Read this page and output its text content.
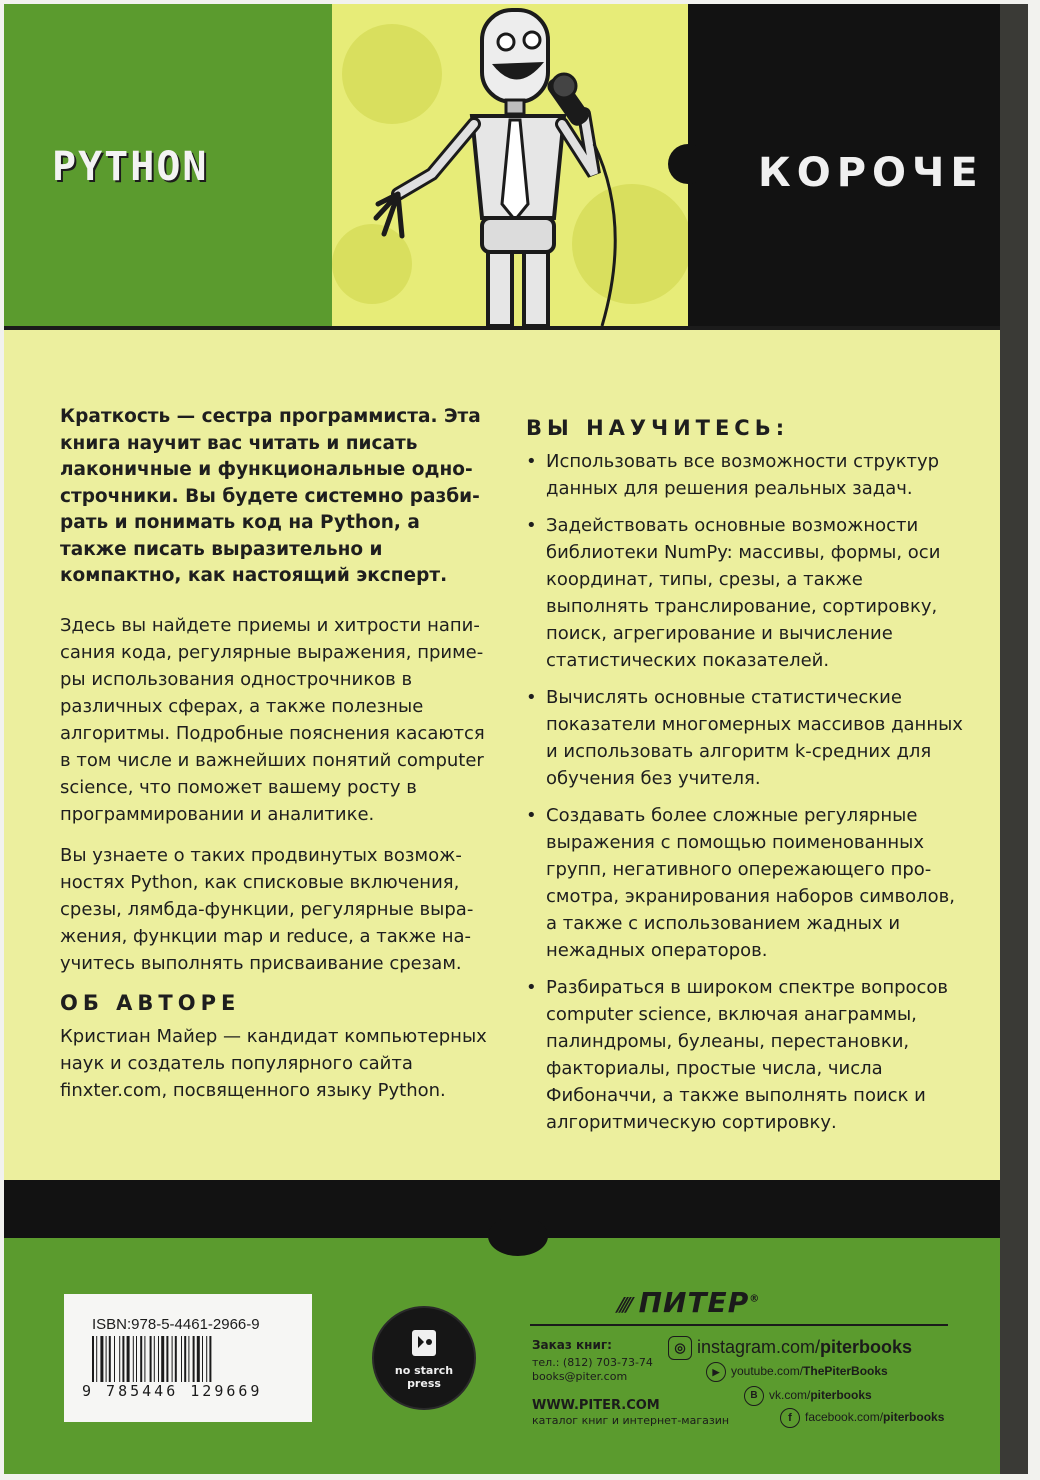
PYTHON	КОРОЧЕ

Краткость — сестра программиста. Эта книга научит вас читать и писать лаконичные и функциональные однострочники. Вы будете системно разбирать и понимать код на Python, а также писать выразительно и компактно, как настоящий эксперт.

Здесь вы найдете приемы и хитрости написания кода, регулярные выражения, примеры использования однострочников в различных сферах, а также полезные алгоритмы. Подробные пояснения касаются в том числе и важнейших понятий computer science, что поможет вашему росту в программировании и аналитике.

Вы узнаете о таких продвинутых возможностях Python, как списковые включения, срезы, лямбда-функции, регулярные выражения, функции map и reduce, а также научитесь выполнять присваивание срезам.

ОБ АВТОРЕ

Кристиан Майер — кандидат компьютерных наук и создатель популярного сайта finxter.com, посвященного языку Python.

ВЫ НАУЧИТЕСЬ:
• Использовать все возможности структур данных для решения реальных задач.
• Задействовать основные возможности библиотеки NumPy: массивы, формы, оси координат, типы, срезы, а также выполнять транслирование, сортировку, поиск, агрегирование и вычисление статистических показателей.
• Вычислять основные статистические показатели многомерных массивов данных и использовать алгоритм k-средних для обучения без учителя.
• Создавать более сложные регулярные выражения с помощью поименованных групп, негативного опережающего просмотра, экранирования наборов символов, а также с использованием жадных и нежадных операторов.
• Разбираться в широком спектре вопросов computer science, включая анаграммы, палиндромы, булеаны, перестановки, факториалы, простые числа, числа Фибоначчи, а также выполнять поиск и алгоритмическую сортировку.
ISBN:978-5-4461-2966-9
9 785446 129669
no starch
press
⫽⫽ ПИТЕР®
Заказ книг:
тел.: (812) 703-73-74
books@piter.com
WWW.PITER.COM
каталог книг и интернет-магазин
◎ instagram.com/piterbooks
▶ youtube.com/ThePiterBooks
B vk.com/piterbooks
f facebook.com/piterbooks
